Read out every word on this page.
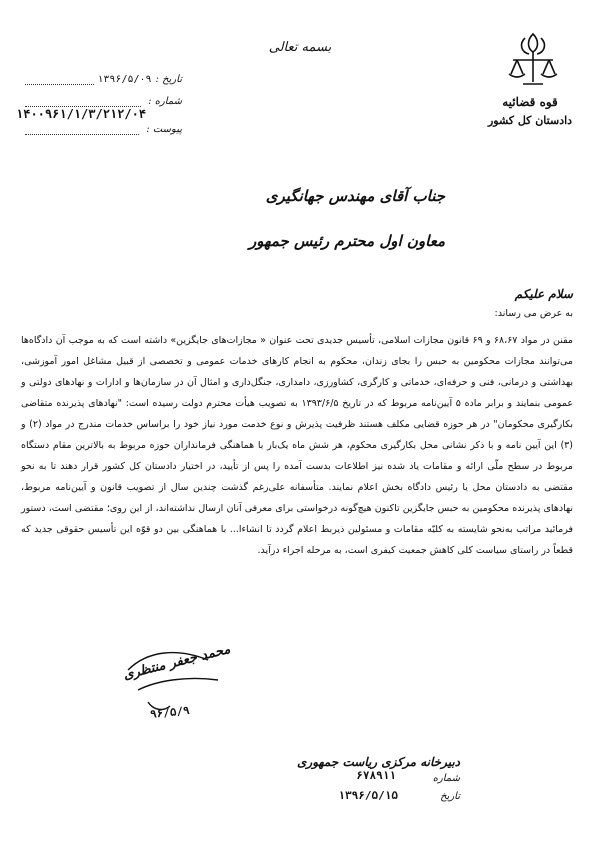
قوه قضائیه
دادستان کل کشور
بسمه تعالی
تاریخ :
۱۳۹۶/۵/۰۹
شماره :
پیوست :
۱۴۰۰۹۶۱/۱/۳/۲۱۲/۰۴
جناب آقای مهندس جهانگیری
معاون اول محترم رئیس جمهور
سلام علیکم
به عرض می رساند:
مقنن در مواد ۶۸،۶۷ و ۶۹ قانون مجازات اسلامی، تأسیس جدیدی تحت عنوان « مجازات‌های جایگزین» داشته است که به موجب آن دادگاه‌ها می‌توانند مجازات محکومین به حبس را بجای زندان، محکوم به انجام کارهای خدمات عمومی و تخصصی از قبیل مشاغل امور آموزشی، بهداشتی و درمانی، فنی و حرفه‌ای، خدماتی و کارگری، کشاورزی، دامداری، جنگل‌داری و امثال آن در سازمان‌ها و ادارات و نهادهای دولتی و عمومی بنمایند و برابر ماده ۵ آیین‌نامه مربوط که در تاریخ ۱۳۹۳/۶/۵ به تصویب هیأت محترم دولت رسیده است: "نهادهای پذیرنده متقاضی بکارگیری محکومان" در هر حوزه قضایی مکلف هستند ظرفیت پذیرش و نوع خدمت مورد نیاز خود را براساس خدمات مندرج در مواد (۲) و (۳) این آیین نامه و با ذکر نشانی محل بکارگیری محکوم، هر شش ماه یک‌بار با هماهنگی فرمانداران حوزه مربوط به بالاترین مقام دستگاه مربوط در سطح ملّی ارائه و مقامات یاد شده نیز اطلاعات بدست آمده را پس از تأیید، در اختیار دادستان کل کشور قرار دهند تا به نحو مقتضی به دادستان محل یا رئیس دادگاه بخش اعلام نمایند. متأسفانه علی‌رغم گذشت چندین سال از تصویب قانون و آیین‌نامه مربوط، نهادهای پذیرنده محکومین به حبس جایگزین تاکنون هیچ‌گونه درخواستی برای معرفی آنان ارسال نداشته‌اند، از این روی؛ مقتضی است، دستور فرمائید مراتب به‌نحو شایسته به کلیّه مقامات و مسئولین ذیربط اعلام گردد تا انشاء‌ا... با هماهنگی بین دو قوّه این تأسیس حقوقی جدید که قطعاً در راستای سیاست کلی کاهش جمعیت کیفری است، به مرحله اجراء درآید.
محمد جعفر منتظری
۹۶/۵/۹
دبیرخانه مرکزی ریاست جمهوری
شماره
۶۷۸۹۱۱
تاریخ
۱۳۹۶/۵/۱۵
